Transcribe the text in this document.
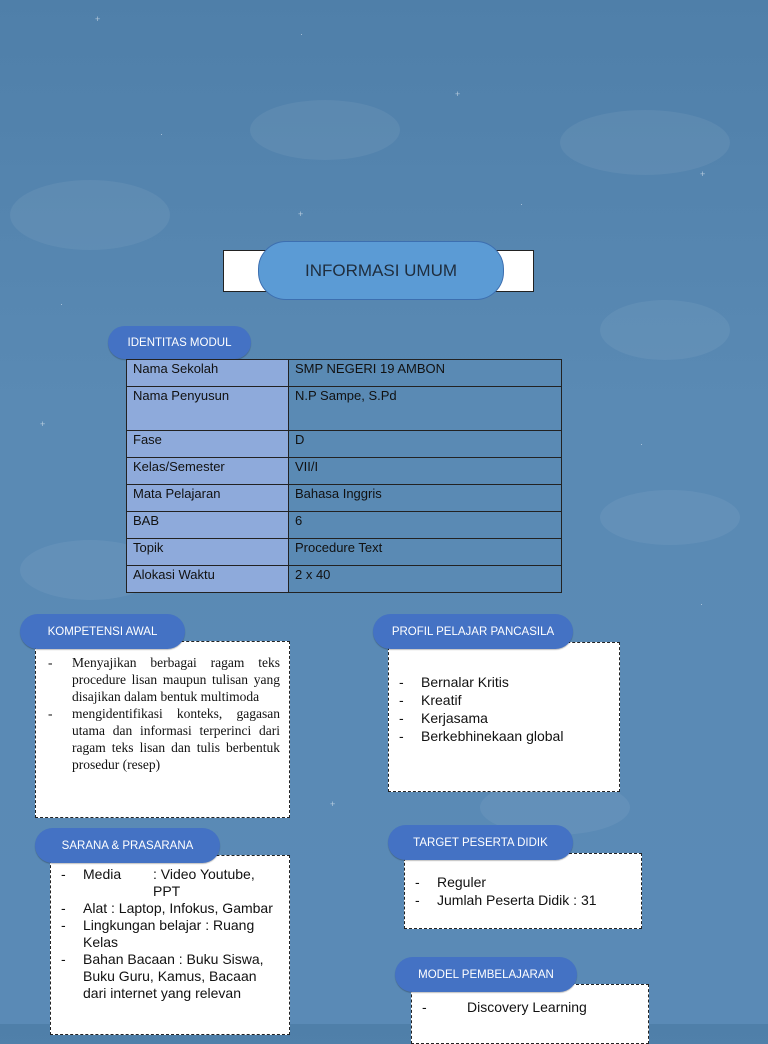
+
·
+
·
+
·
+
·
·
+
·
+
INFORMASI UMUM
IDENTITAS MODUL
Nama Sekolah	SMP NEGERI 19 AMBON
Nama Penyusun	N.P Sampe, S.Pd
Fase	D
Kelas/Semester	VII/I
Mata Pelajaran	Bahasa Inggris
BAB	6
Topik	Procedure Text
Alokasi Waktu	2 x 40
- Menyajikan berbagai ragam teks procedure lisan maupun tulisan yang disajikan dalam bentuk multimoda
- mengidentifikasi konteks, gagasan utama dan informasi terperinci dari ragam teks lisan dan tulis berbentuk prosedur (resep)
KOMPETENSI AWAL
- Bernalar Kritis
- Kreatif
- Kerjasama
- Berkebhinekaan global
PROFIL PELAJAR PANCASILA
- Media : Video Youtube, PPT
- Alat : Laptop, Infokus, Gambar
- Lingkungan belajar : Ruang Kelas
- Bahan Bacaan : Buku Siswa, Buku Guru, Kamus, Bacaan dari internet yang relevan
SARANA & PRASARANA
- Reguler
- Jumlah Peserta Didik : 31
TARGET PESERTA DIDIK
- Discovery Learning
MODEL PEMBELAJARAN
